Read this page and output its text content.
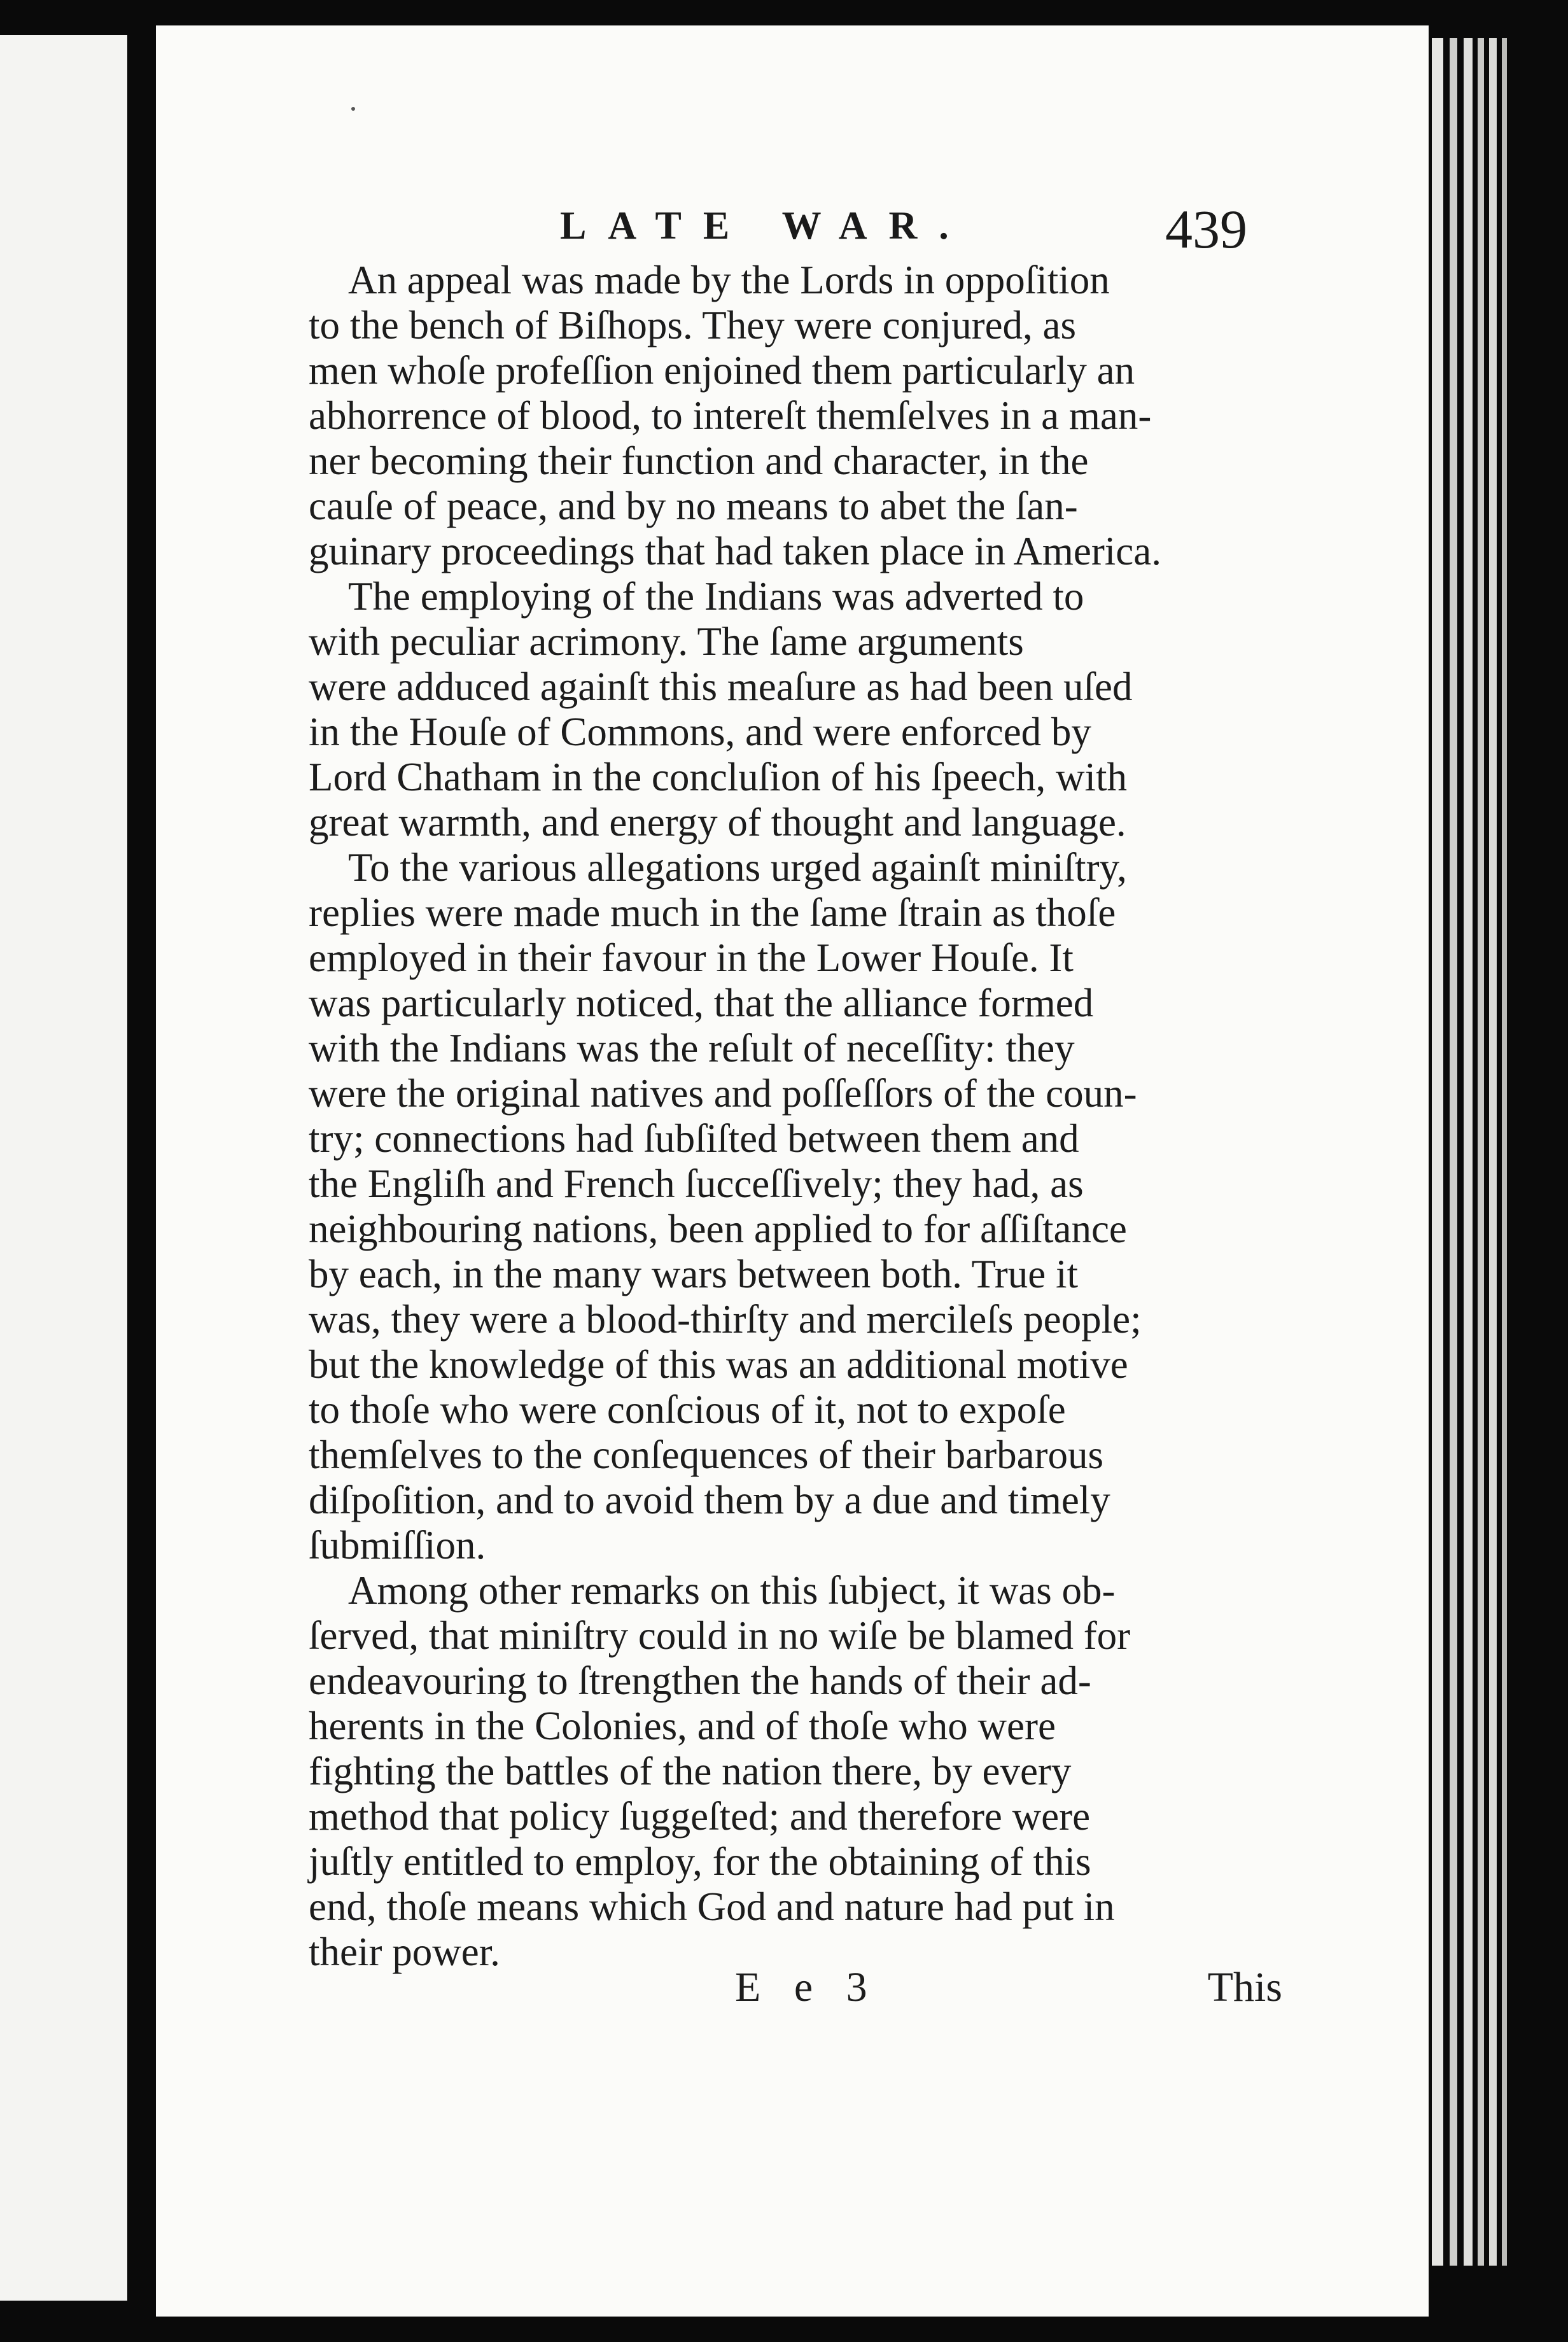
LATE WAR.	439

An appeal was made by the Lords in oppoſition
to the bench of Biſhops. They were conjured, as
men whoſe profeſſion enjoined them particularly an
abhorrence of blood, to intereſt themſelves in a man-
ner becoming their function and character, in the
cauſe of peace, and by no means to abet the ſan-
guinary proceedings that had taken place in America.

The employing of the Indians was adverted to
with peculiar acrimony. The ſame arguments
were adduced againſt this meaſure as had been uſed
in the Houſe of Commons, and were enforced by
Lord Chatham in the concluſion of his ſpeech, with
great warmth, and energy of thought and language.

To the various allegations urged againſt miniſtry,
replies were made much in the ſame ſtrain as thoſe
employed in their favour in the Lower Houſe. It
was particularly noticed, that the alliance formed
with the Indians was the reſult of neceſſity: they
were the original natives and poſſeſſors of the coun-
try; connections had ſubſiſted between them and
the Engliſh and French ſucceſſively; they had, as
neighbouring nations, been applied to for aſſiſtance
by each, in the many wars between both. True it
was, they were a blood-thirſty and mercileſs people;
but the knowledge of this was an additional motive
to thoſe who were conſcious of it, not to expoſe
themſelves to the conſequences of their barbarous
diſpoſition, and to avoid them by a due and timely
ſubmiſſion.

Among other remarks on this ſubject, it was ob-
ſerved, that miniſtry could in no wiſe be blamed for
endeavouring to ſtrengthen the hands of their ad-
herents in the Colonies, and of thoſe who were
fighting the battles of the nation there, by every
method that policy ſuggeſted; and therefore were
juſtly entitled to employ, for the obtaining of this
end, thoſe means which God and nature had put in
their power.

E e 3	This
